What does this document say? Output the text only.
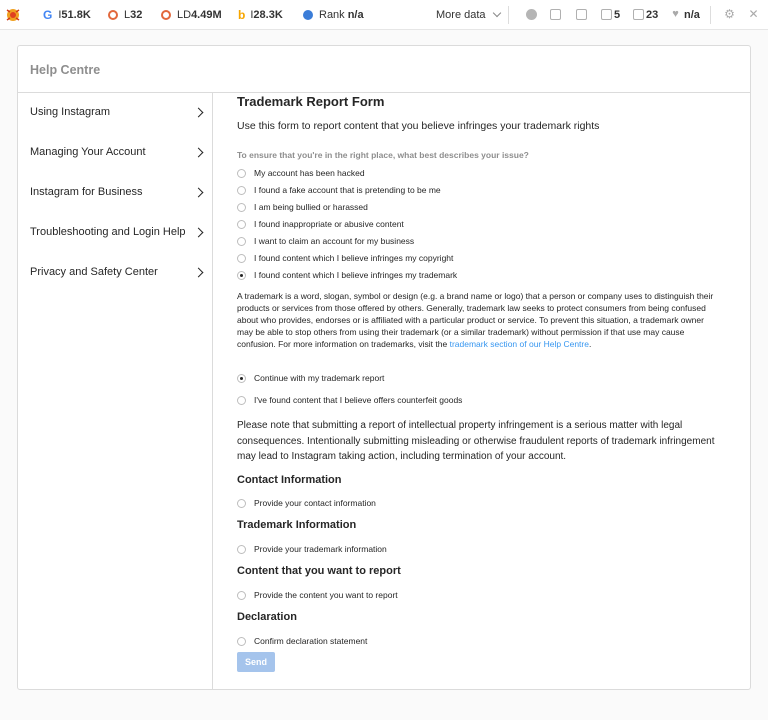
G I 51.8K	L 32	LD 4.49M b I 28.3K	Rank n/a	More data	5 23 ♥ n/a ⚙ ✕
Help Centre
Using Instagram
Managing Your Account
Instagram for Business
Troubleshooting and Login Help
Privacy and Safety Center
Trademark Report Form
Use this form to report content that you believe infringes your trademark rights
To ensure that you're in the right place, what best describes your issue?
My account has been hacked
I found a fake account that is pretending to be me
I am being bullied or harassed
I found inappropriate or abusive content
I want to claim an account for my business
I found content which I believe infringes my copyright
I found content which I believe infringes my trademark
A trademark is a word, slogan, symbol or design (e.g. a brand name or logo) that a person or company uses to distinguish their products or services from those offered by others. Generally, trademark law seeks to protect consumers from being confused about who provides, endorses or is affiliated with a particular product or service. To prevent this situation, a trademark owner may be able to stop others from using their trademark (or a similar trademark) without permission if that use may cause confusion. For more information on trademarks, visit the trademark section of our Help Centre.
Continue with my trademark report
I've found content that I believe offers counterfeit goods
Please note that submitting a report of intellectual property infringement is a serious matter with legal consequences. Intentionally submitting misleading or otherwise fraudulent reports of trademark infringement may lead to Instagram taking action, including termination of your account.
Contact Information
Provide your contact information
Trademark Information
Provide your trademark information
Content that you want to report
Provide the content you want to report
Declaration
Confirm declaration statement
Send
